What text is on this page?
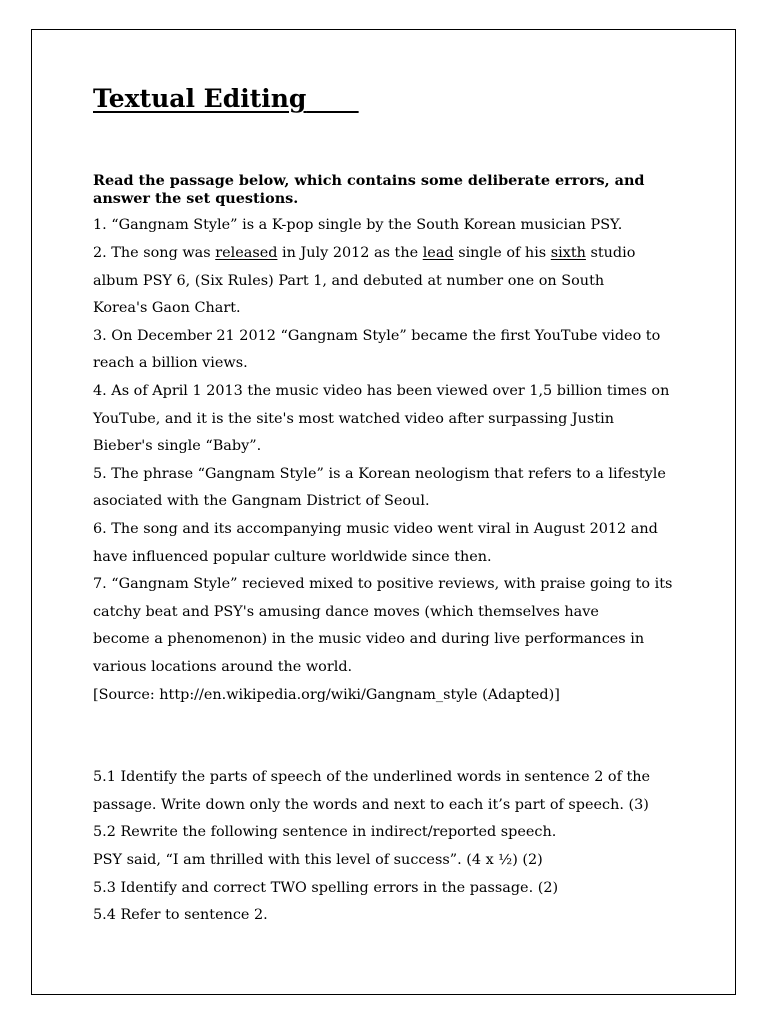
Textual Editing

Read the passage below, which contains some deliberate errors, and
answer the set questions.

1. “Gangnam Style” is a K-pop single by the South Korean musician PSY.

2. The song was released in July 2012 as the lead single of his sixth studio

album PSY 6, (Six Rules) Part 1, and debuted at number one on South

Korea's Gaon Chart.

3. On December 21 2012 “Gangnam Style” became the first YouTube video to

reach a billion views.

4. As of April 1 2013 the music video has been viewed over 1,5 billion times on

YouTube, and it is the site's most watched video after surpassing Justin

Bieber's single “Baby”.

5. The phrase “Gangnam Style” is a Korean neologism that refers to a lifestyle

asociated with the Gangnam District of Seoul.

6. The song and its accompanying music video went viral in August 2012 and

have influenced popular culture worldwide since then.

7. “Gangnam Style” recieved mixed to positive reviews, with praise going to its

catchy beat and PSY's amusing dance moves (which themselves have

become a phenomenon) in the music video and during live performances in

various locations around the world.

[Source: http://en.wikipedia.org/wiki/Gangnam_style (Adapted)]

5.1 Identify the parts of speech of the underlined words in sentence 2 of the

passage. Write down only the words and next to each it’s part of speech. (3)

5.2 Rewrite the following sentence in indirect/reported speech.

PSY said, “I am thrilled with this level of success”. (4 x ½) (2)

5.3 Identify and correct TWO spelling errors in the passage. (2)

5.4 Refer to sentence 2.
